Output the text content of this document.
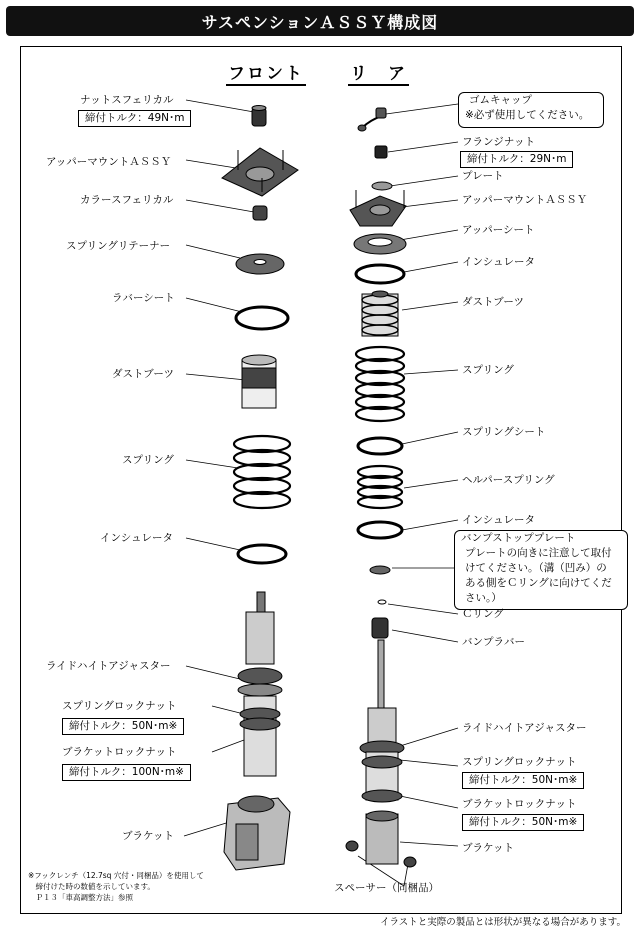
サスペンションＡＳＳＹ構成図
フロント	リ　ア
ナットスフェリカル
締付トルク：49N･m
アッパーマウントＡＳＳＹ
カラースフェリカル
スプリングリテーナー
ラバーシート
ダストブーツ
スプリング
インシュレータ
ライドハイトアジャスター
スプリングロックナット
締付トルク：50N･m※
ブラケットロックナット
締付トルク：100N･m※
ブラケット
ゴムキャップ
※必ず使用してください。
フランジナット
締付トルク：29N･m
プレート
アッパーマウントＡＳＳＹ
アッパーシート
インシュレータ
ダストブーツ
スプリング
スプリングシート
ヘルパースプリング
インシュレータ
バンプストッププレート
プレートの向きに注意して取付
けてください。（溝（凹み）の
ある側をＣリングに向けてくだ
さい。）
Ｃリング
バンプラバー
ライドハイトアジャスター
スプリングロックナット
締付トルク：50N･m※
ブラケットロックナット
締付トルク：50N･m※
ブラケット
スペーサー（同梱品）
※フックレンチ（12.7sq 穴付・同梱品）を使用して
　締付けた時の数値を示しています。
　Ｐ１３「車高調整方法」参照
イラストと実際の製品とは形状が異なる場合があります。
